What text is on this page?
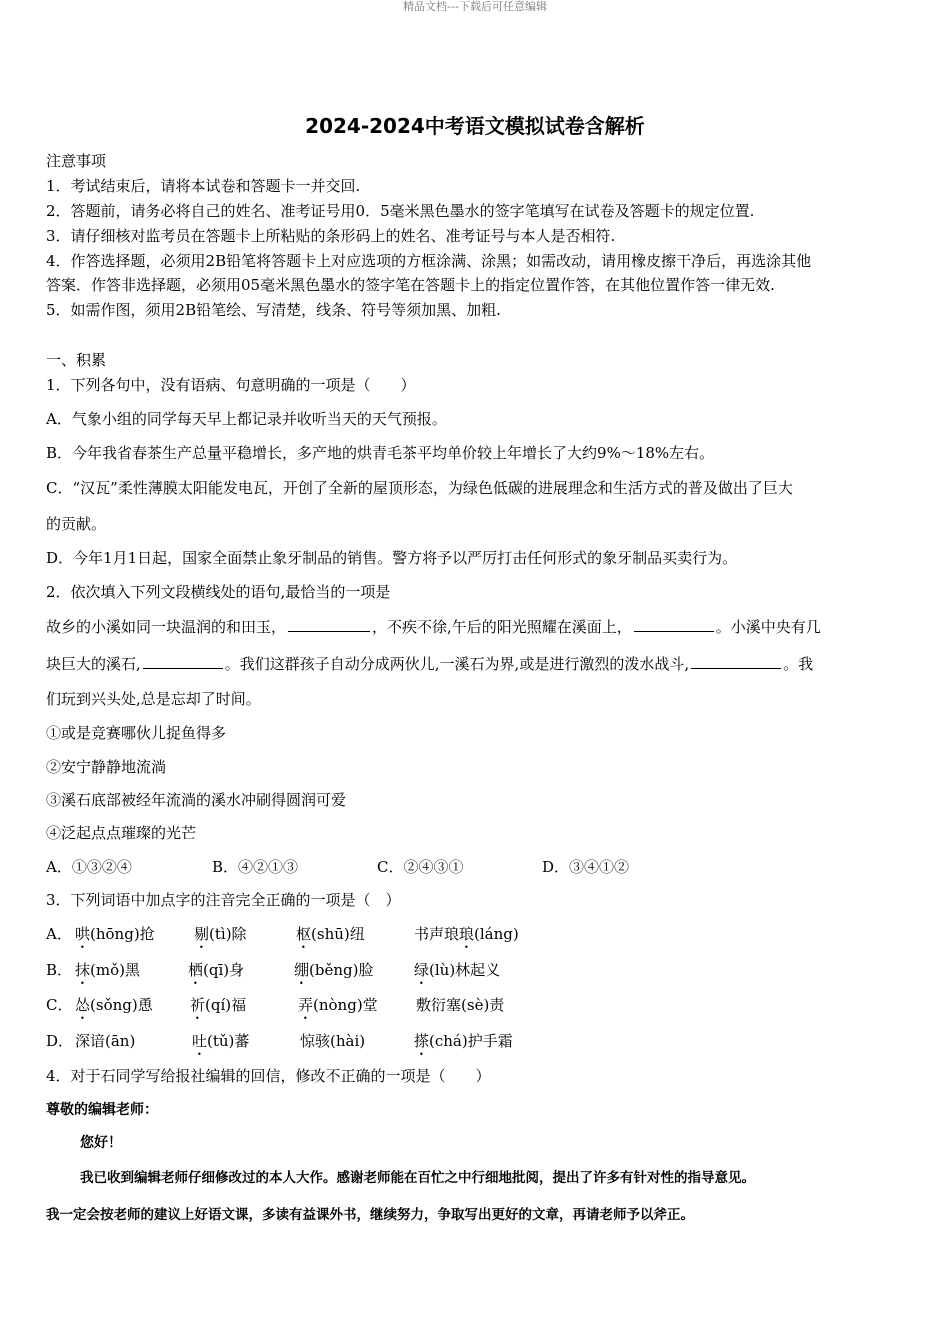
精品文档---下载后可任意编辑
2024-2024中考语文模拟试卷含解析
注意事项
1．考试结束后，请将本试卷和答题卡一并交回.
2．答题前，请务必将自己的姓名、准考证号用0．5毫米黑色墨水的签字笔填写在试卷及答题卡的规定位置.
3．请仔细核对监考员在答题卡上所粘贴的条形码上的姓名、准考证号与本人是否相符.
4．作答选择题，必须用2B铅笔将答题卡上对应选项的方框涂满、涂黑；如需改动，请用橡皮擦干净后，再选涂其他
答案．作答非选择题，必须用05毫米黑色墨水的签字笔在答题卡上的指定位置作答，在其他位置作答一律无效.
5．如需作图，须用2B铅笔绘、写清楚，线条、符号等须加黑、加粗.
一、积累
1．下列各句中，没有语病、句意明确的一项是（　　）
A．气象小组的同学每天早上都记录并收听当天的天气预报。
B．今年我省春茶生产总量平稳增长，多产地的烘青毛茶平均单价较上年增长了大约9%～18%左右。
C．“汉瓦”柔性薄膜太阳能发电瓦，开创了全新的屋顶形态，为绿色低碳的进展理念和生活方式的普及做出了巨大
的贡献。
D．今年1月1日起，国家全面禁止象牙制品的销售。警方将予以严厉打击任何形式的象牙制品买卖行为。
2．依次填入下列文段横线处的语句,最恰当的一项是
故乡的小溪如同一块温润的和田玉，	，不疾不徐,午后的阳光照耀在溪面上，	。小溪中央有几
块巨大的溪石,	。我们这群孩子自动分成两伙儿,一溪石为界,或是进行激烈的泼水战斗,	。我
们玩到兴头处,总是忘却了时间。
①或是竞赛哪伙儿捉鱼得多
②安宁静静地流淌
③溪石底部被经年流淌的溪水冲刷得圆润可爱
④泛起点点璀璨的光芒
A．①③②④	B．④②①③	C．②④③①	D．③④①②
3．下列词语中加点字的注音完全正确的一项是（　）
A． 哄(hōng)抢	剔(tì)除	枢(shū)纽	书声琅琅(láng)
B． 抹(mǒ)黑	栖(qī)身	绷(běng)脸	绿(lù)林起义
C． 怂(sǒng)恿 祈(qí)福	弄(nòng)堂	敷衍塞(sè)责
D． 深谙(ān)	吐(tǔ)蕃	惊骇(hài)	搽(chá)护手霜
4．对于石同学写给报社编辑的回信，修改不正确的一项是（　　）
尊敬的编辑老师：
您好！
我已收到编辑老师仔细修改过的本人大作。感谢老师能在百忙之中行细地批阅，提出了许多有针对性的指导意见。
我一定会按老师的建议上好语文课，多读有益课外书，继续努力，争取写出更好的文章，再请老师予以斧正。
